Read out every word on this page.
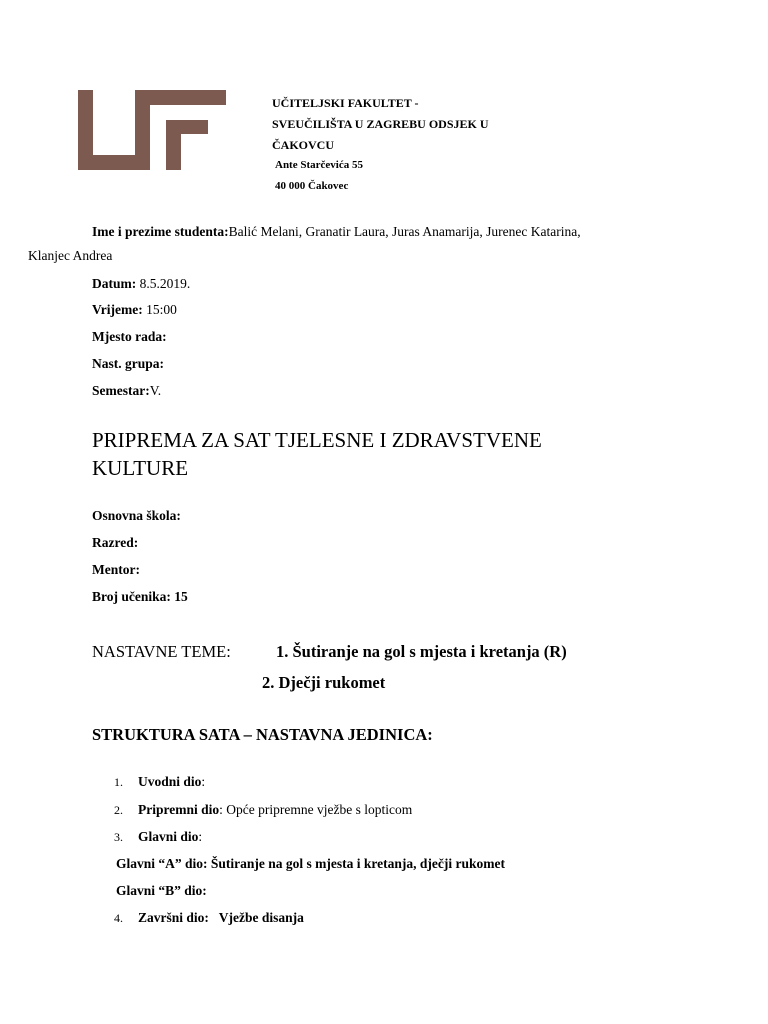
UČITELJSKI FAKULTET -
SVEUČILIŠTA U ZAGREBU ODSJEK U
ČAKOVCU
Ante Starčevića 55
40 000 Čakovec
Ime i prezime studenta:Balić Melani, Granatir Laura, Juras Anamarija, Jurenec Katarina,
Klanjec Andrea
Datum: 8.5.2019.
Vrijeme: 15:00
Mjesto rada:
Nast. grupa:
Semestar:V.
PRIPREMA ZA SAT TJELESNE I ZDRAVSTVENE
KULTURE
Osnovna škola:
Razred:
Mentor:
Broj učenika: 15
NASTAVNE TEME:	1. Šutiranje na gol s mjesta i kretanja (R)
2. Dječji rukomet
STRUKTURA SATA – NASTAVNA JEDINICA:
1. Uvodni dio:
2. Pripremni dio: Opće pripremne vježbe s lopticom
3. Glavni dio:
Glavni “A” dio: Šutiranje na gol s mjesta i kretanja, dječji rukomet
Glavni “B” dio:
4. Završni dio:   Vježbe disanja
